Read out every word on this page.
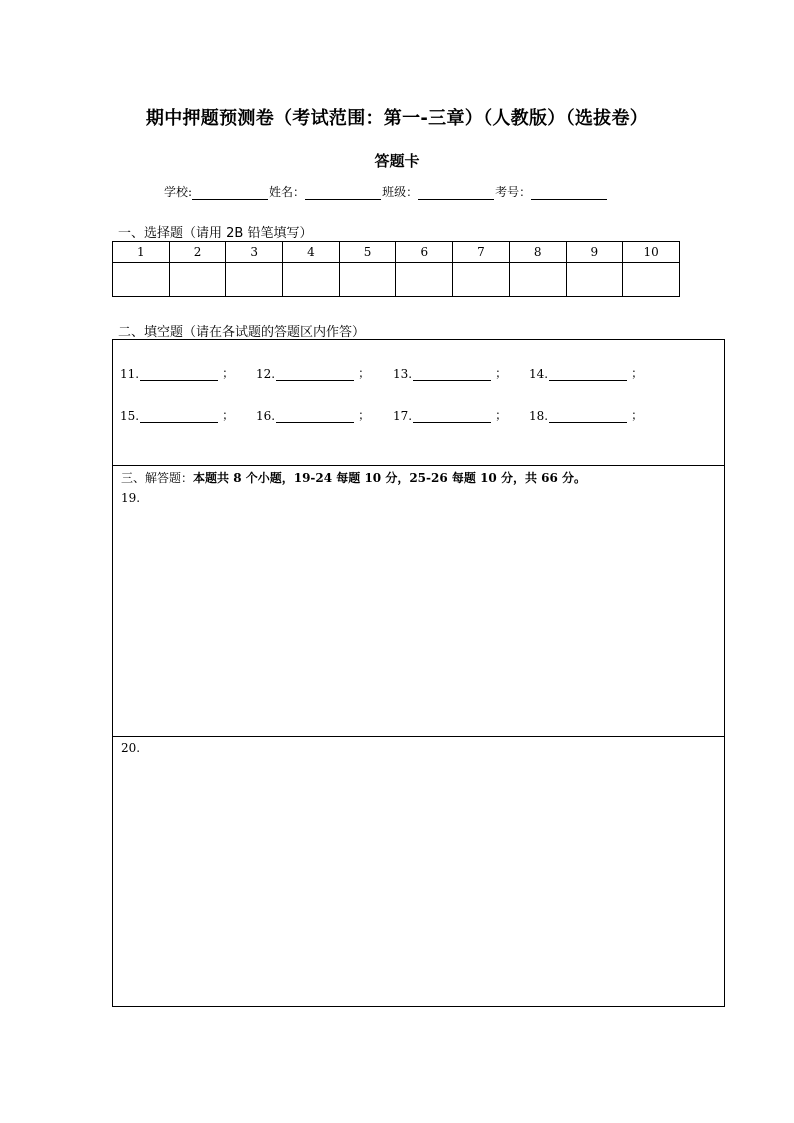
期中押题预测卷（考试范围：第一-三章）（人教版）（选拔卷）
答题卡
学校:	姓名：	班级：	考号：
一、选择题（请用 2B 铅笔填写）
1	2	3	4	5	6	7	8	9	10

二、填空题（请在各试题的答题区内作答）
11.	； 12.	； 13.	； 14.	；
15.	； 16.	； 17.	； 18.	；
三、解答题：本题共 8 个小题，19-24 每题 10 分，25-26 每题 10 分，共 66 分。
19.
20.
